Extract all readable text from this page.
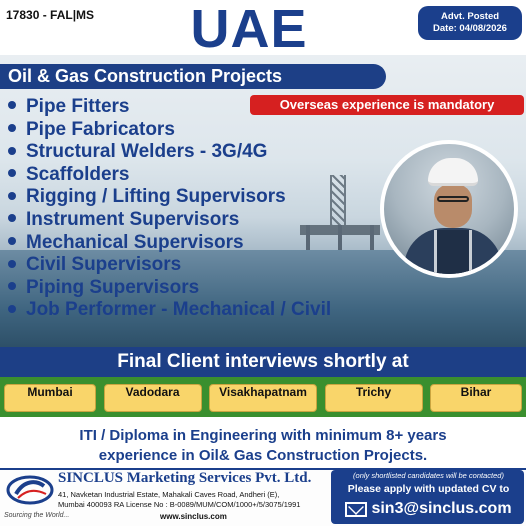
17830 - FAL|MS UAE	Advt. Posted
Date: 04/08/2026
Oil & Gas Construction Projects
Pipe Fitters
Pipe Fabricators
Structural Welders - 3G/4G
Scaffolders
Rigging / Lifting Supervisors
Instrument Supervisors
Mechanical Supervisors
Civil Supervisors
Piping Supervisors
Job Performer - Mechanical / Civil
Overseas experience is mandatory
Final Client interviews shortly at
Mumbai	Vadodara	Visakhapatnam	Trichy	Bihar
ITI / Diploma in Engineering with minimum 8+ years
experience in Oil& Gas Construction Projects.
Sourcing the World...
SINCLUS Marketing Services Pvt. Ltd.
41, Navketan Industrial Estate, Mahakali Caves Road, Andheri (E),
Mumbai 400093 RA License No : B-0089/MUM/COM/1000+/5/3075/1991
www.sinclus.com
(only shortlisted candidates will be contacted)
Please apply with updated CV to
sin3@sinclus.com
